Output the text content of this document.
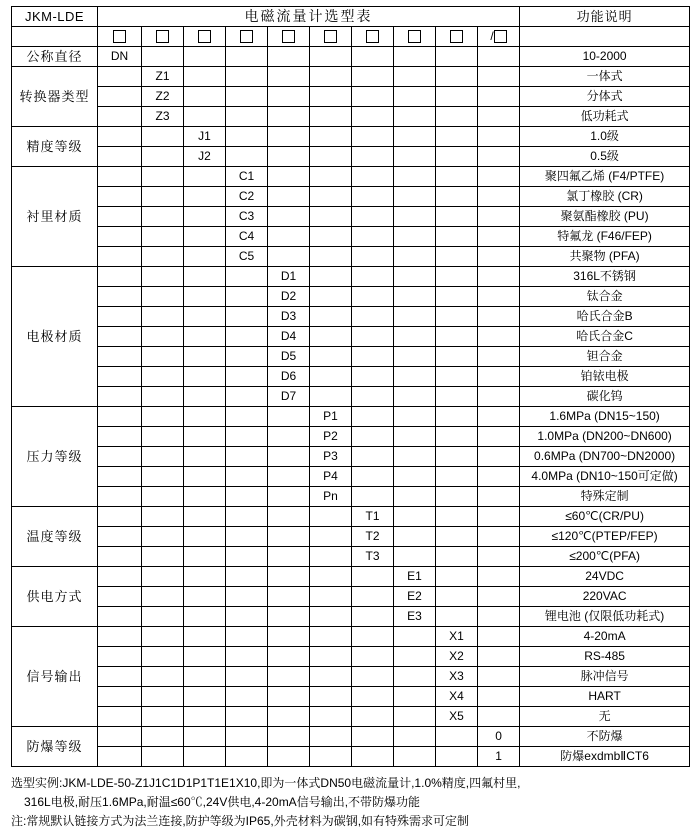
JKM-LDE	电磁流量计选型表										功能说明
										/	
公称直径	DN										10-2000
转换器类型		Z1									一体式
		Z2									分体式
		Z3									低功耗式
精度等级			J1								1.0级
			J2								0.5级
衬里材质				C1							聚四氟乙烯 (F4/PTFE)
				C2							氯丁橡胶 (CR)
				C3							聚氨酯橡胶 (PU)
				C4							特氟龙 (F46/FEP)
				C5							共聚物 (PFA)
电极材质					D1						316L不锈钢
					D2						钛合金
					D3						哈氏合金B
					D4						哈氏合金C
					D5						钽合金
					D6						铂铱电极
					D7						碳化钨
压力等级						P1					1.6MPa (DN15~150)
						P2					1.0MPa (DN200~DN600)
						P3					0.6MPa (DN700~DN2000)
						P4					4.0MPa (DN10~150可定做)
						Pn					特殊定制
温度等级							T1				≤60℃(CR/PU)
							T2				≤120℃(PTEP/FEP)
							T3				≤200℃(PFA)
供电方式								E1			24VDC
								E2			220VAC
								E3			锂电池 (仅限低功耗式)
信号输出									X1		4-20mA
									X2		RS-485
									X3		脉冲信号
									X4		HART
									X5		无
防爆等级										0	不防爆
										1	防爆exdmbⅡCT6
选型实例:JKM-LDE-50-Z1J1C1D1P1T1E1X10,即为一体式DN50电磁流量计,1.0%精度,四氟村里,
316L电极,耐压1.6MPa,耐温≤60℃,24V供电,4-20mA信号输出,不带防爆功能
注:常规默认链接方式为法兰连接,防护等级为IP65,外壳材料为碳钢,如有特殊需求可定制
